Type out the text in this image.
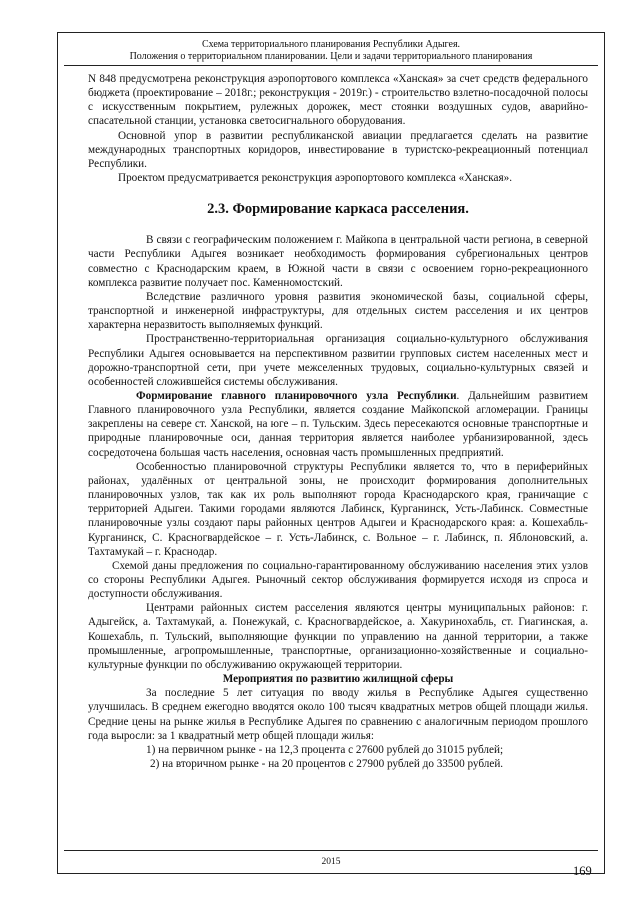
Схема территориального планирования Республики Адыгея.
Положения о территориальном планировании. Цели и задачи территориального планирования

N 848 предусмотрена реконструкция аэропортового комплекса «Ханская» за счет средств федерального бюджета (проектирование – 2018г.; реконструкция - 2019г.) - строительство взлетно-посадочной полосы с искусственным покрытием, рулежных дорожек, мест стоянки воздушных судов, аварийно-спасательной станции, установка светосигнального оборудования.

Основной упор в развитии республиканской авиации предлагается сделать на развитие международных транспортных коридоров, инвестирование в туристско-рекреационный потенциал Республики.

Проектом предусматривается реконструкция аэропортового комплекса «Ханская».

2.3. Формирование каркаса расселения.

В связи с географическим положением г. Майкопа в центральной части региона, в северной части Республики Адыгея возникает необходимость формирования субрегиональных центров совместно с Краснодарским краем, в Южной части в связи с освоением горно-рекреационного комплекса развитие получает пос. Каменномостский.

Вследствие различного уровня развития экономической базы, социальной сферы, транспортной и инженерной инфраструктуры, для отдельных систем расселения и их центров характерна неразвитость выполняемых функций.

Пространственно-территориальная организация социально-культурного обслуживания Республики Адыгея основывается на перспективном развитии групповых систем населенных мест и дорожно-транспортной сети, при учете межселенных трудовых, социально-культурных связей и особенностей сложившейся системы обслуживания.

Формирование главного планировочного узла Республики. Дальнейшим развитием Главного планировочного узла Республики, является создание Майкопской агломерации. Границы закреплены на севере ст. Ханской, на юге – п. Тульским. Здесь пересекаются основные транспортные и природные планировочные оси, данная территория является наиболее урбанизированной, здесь сосредоточена большая часть населения, основная часть промышленных предприятий.

Особенностью планировочной структуры Республики является то, что в периферийных районах, удалённых от центральной зоны, не происходит формирования дополнительных планировочных узлов, так как их роль выполняют города Краснодарского края, граничащие с территорией Адыгеи. Такими городами являются Лабинск, Курганинск, Усть-Лабинск. Совместные планировочные узлы создают пары районных центров Адыгеи и Краснодарского края: а. Кошехабль- Курганинск, С. Красногвардейское – г. Усть-Лабинск, с. Вольное – г. Лабинск, п. Яблоновский, а. Тахтамукай – г. Краснодар.

Схемой даны предложения по социально-гарантированному обслуживанию населения этих узлов со стороны Республики Адыгея. Рыночный сектор обслуживания формируется исходя из спроса и доступности обслуживания.

Центрами районных систем расселения являются центры муниципальных районов: г. Адыгейск, а. Тахтамукай, а. Понежукай, с. Красногвардейское, а. Хакуринохабль, ст. Гиагинская, а. Кошехабль, п. Тульский, выполняющие функции по управлению на данной территории, а также промышленные, агропромышленные, транспортные, организационно-хозяйственные и социально-культурные функции по обслуживанию окружающей территории.

Мероприятия по развитию жилищной сферы

За последние 5 лет ситуация по вводу жилья в Республике Адыгея существенно улучшилась. В среднем ежегодно вводятся около 100 тысяч квадратных метров общей площади жилья. Средние цены на рынке жилья в Республике Адыгея по сравнению с аналогичным периодом прошлого года выросли: за 1 квадратный метр общей площади жилья:

1) на первичном рынке - на 12,3 процента с 27600 рублей до 31015 рублей;

2) на вторичном рынке - на 20 процентов с 27900 рублей до 33500 рублей.

2015
169
